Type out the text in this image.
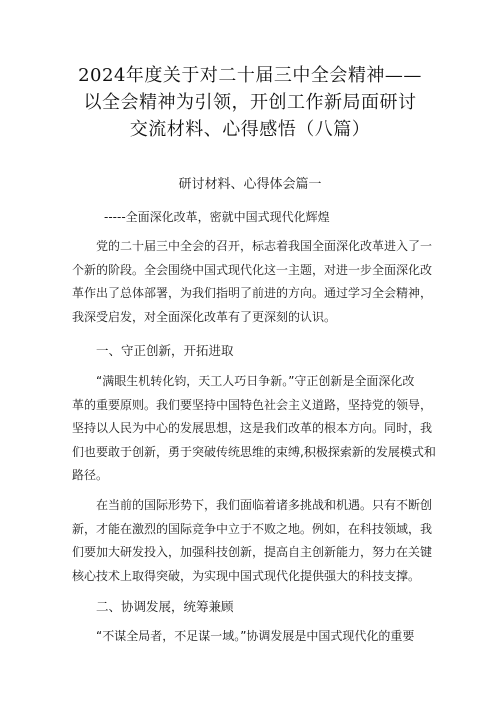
2024年度关于对二十届三中全会精神——
以全会精神为引领，开创工作新局面研讨
交流材料、心得感悟（八篇）
研讨材料、心得体会篇一
-----全面深化改革，密就中国式现代化辉煌
党的二十届三中全会的召开，标志着我国全面深化改革进入了一
个新的阶段。全会围绕中国式现代化这一主题，对进一步全面深化改
革作出了总体部署，为我们指明了前进的方向。通过学习全会精神，
我深受启发，对全面深化改革有了更深刻的认识。
一、守正创新，开拓进取
“满眼生机转化钧，天工人巧日争新。”守正创新是全面深化改
革的重要原则。我们要坚持中国特色社会主义道路，坚持党的领导，
坚持以人民为中心的发展思想，这是我们改革的根本方向。同时，我
们也要敢于创新，勇于突破传统思维的束缚,积极探索新的发展模式和
路径。
在当前的国际形势下，我们面临着诸多挑战和机遇。只有不断创
新，才能在激烈的国际竞争中立于不败之地。例如，在科技领域，我
们要加大研发投入，加强科技创新，提高自主创新能力，努力在关键
核心技术上取得突破，为实现中国式现代化提供强大的科技支撑。
二、协调发展，统筹兼顾
“不谋全局者，不足谋一域。”协调发展是中国式现代化的重要
